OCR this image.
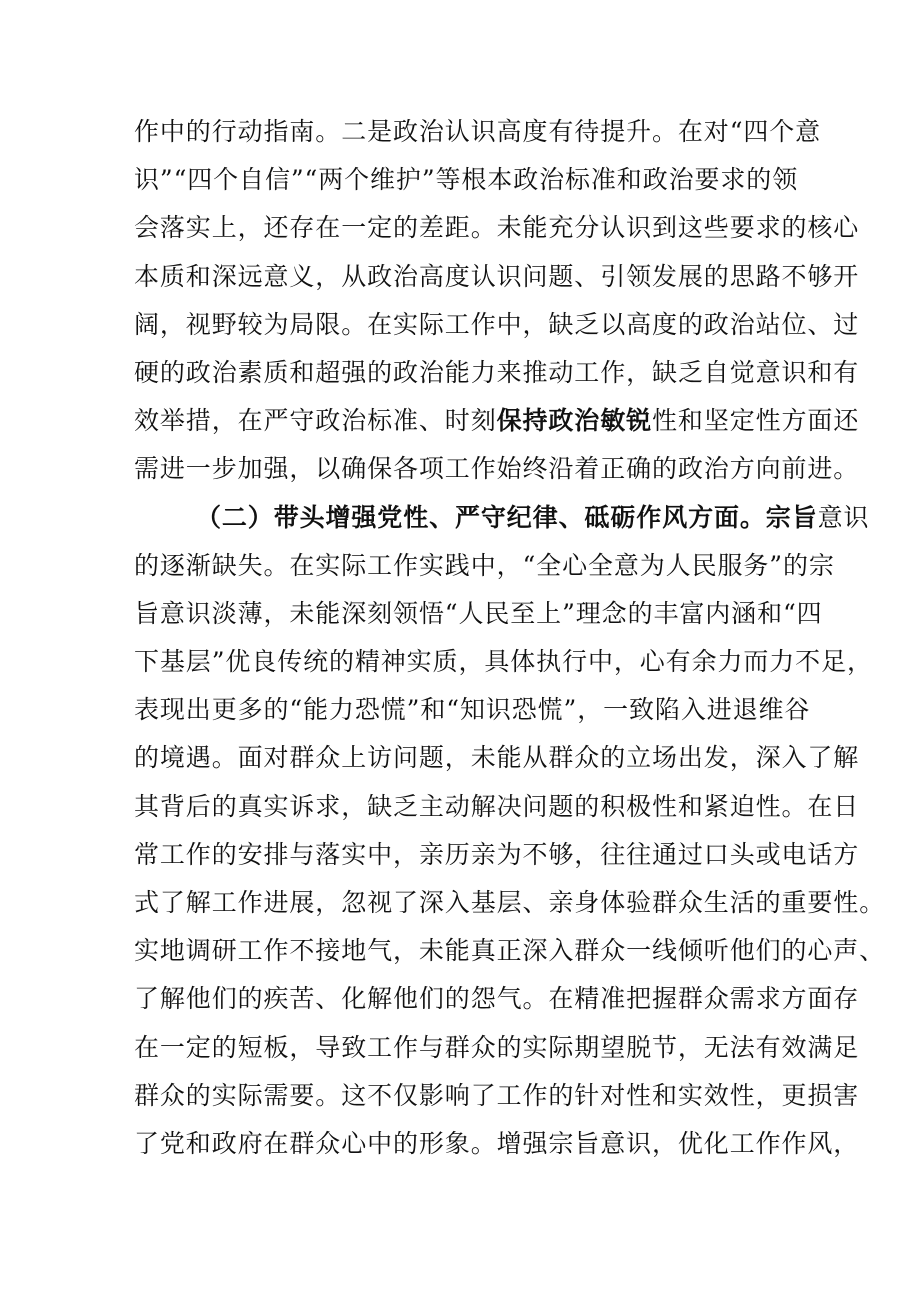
作中的行动指南。二是政治认识高度有待提升。在对“四个意
识”“四个自信”“两个维护”等根本政治标准和政治要求的领
会落实上，还存在一定的差距。未能充分认识到这些要求的核心
本质和深远意义，从政治高度认识问题、引领发展的思路不够开
阔，视野较为局限。在实际工作中，缺乏以高度的政治站位、过
硬的政治素质和超强的政治能力来推动工作，缺乏自觉意识和有
效举措，在严守政治标准、时刻保持政治敏锐性和坚定性方面还
需进一步加强，以确保各项工作始终沿着正确的政治方向前进。
（二）带头增强党性、严守纪律、砥砺作风方面。宗旨意识
的逐渐缺失。在实际工作实践中，“全心全意为人民服务”的宗
旨意识淡薄，未能深刻领悟“人民至上”理念的丰富内涵和“四
下基层”优良传统的精神实质，具体执行中，心有余力而力不足，
表现出更多的“能力恐慌”和“知识恐慌”，一致陷入进退维谷
的境遇。面对群众上访问题，未能从群众的立场出发，深入了解
其背后的真实诉求，缺乏主动解决问题的积极性和紧迫性。在日
常工作的安排与落实中，亲历亲为不够，往往通过口头或电话方
式了解工作进展，忽视了深入基层、亲身体验群众生活的重要性。
实地调研工作不接地气，未能真正深入群众一线倾听他们的心声、
了解他们的疾苦、化解他们的怨气。在精准把握群众需求方面存
在一定的短板，导致工作与群众的实际期望脱节，无法有效满足
群众的实际需要。这不仅影响了工作的针对性和实效性，更损害
了党和政府在群众心中的形象。增强宗旨意识，优化工作作风，
